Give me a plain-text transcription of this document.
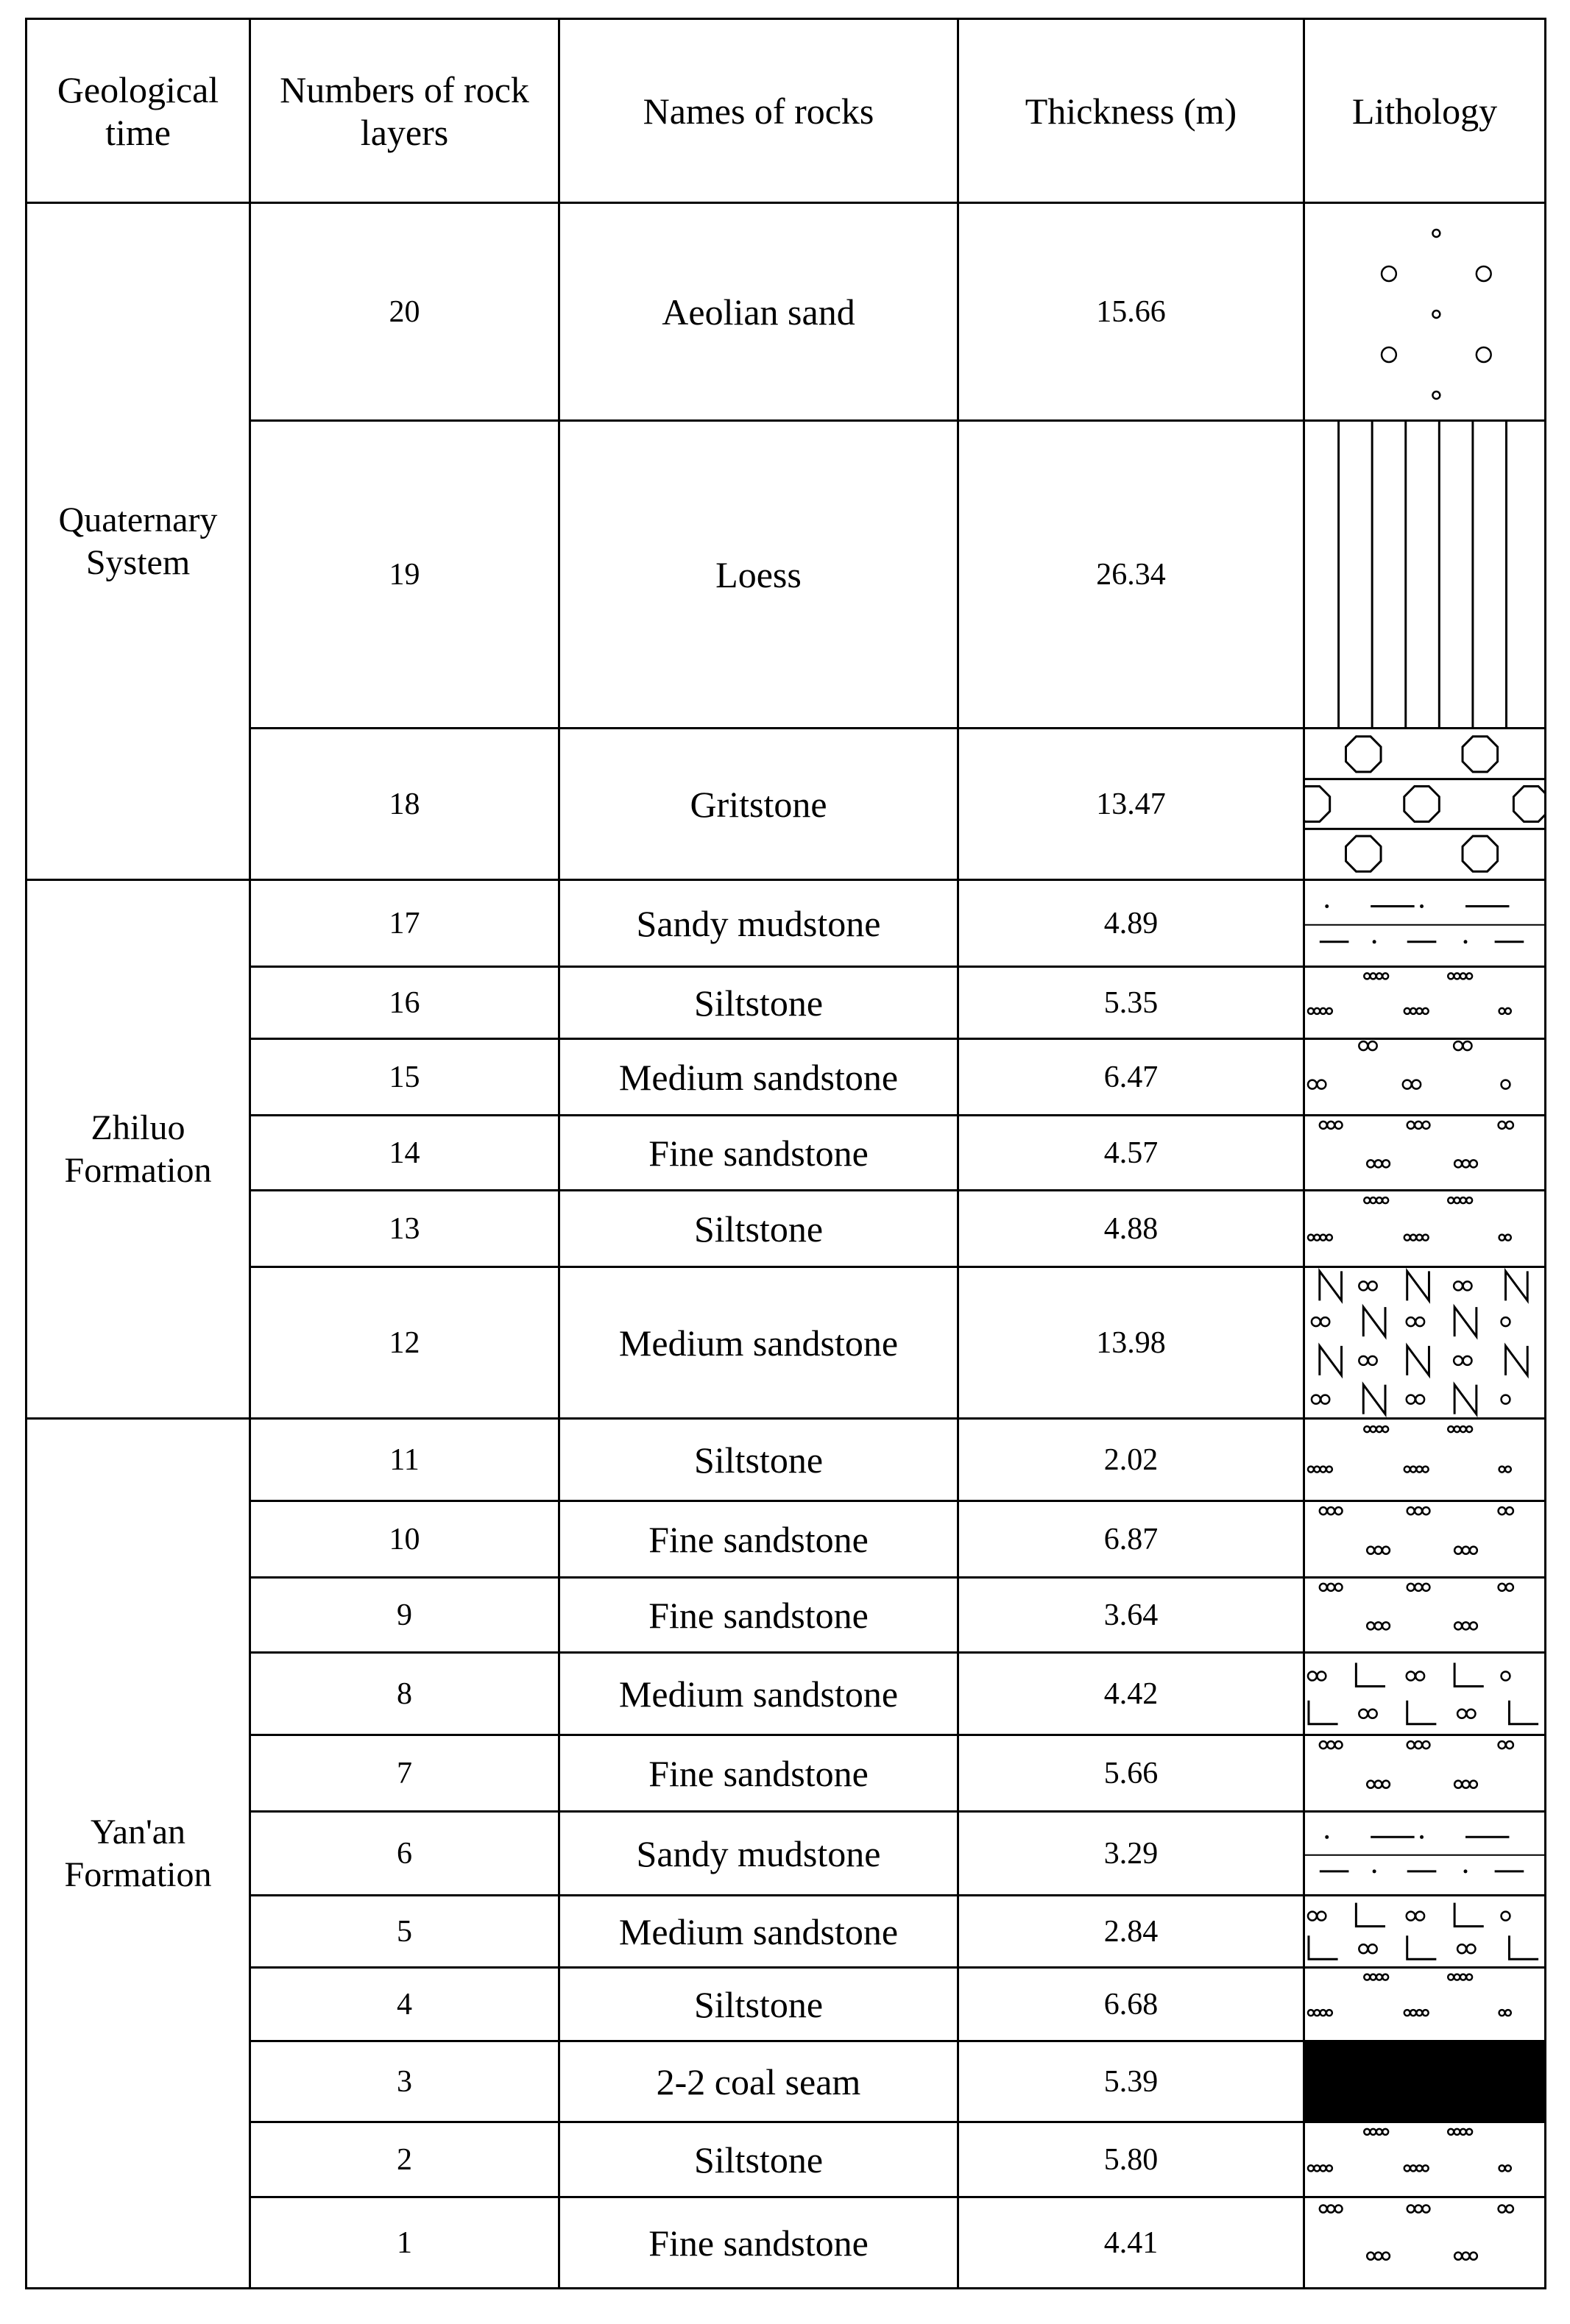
Geological time	Numbers of rock layers	Names of rocks	Thickness (m)	Lithology
Quaternary System	20	Aeolian sand	15.66	

	19	Loess	26.34	

	18	Gritstone	13.47	

Zhiluo Formation	17	Sandy mudstone	4.89	

	16	Siltstone	5.35	

	15	Medium sandstone	6.47	

	14	Fine sandstone	4.57	

	13	Siltstone	4.88	

	12	Medium sandstone	13.98	

Yan'an Formation	11	Siltstone	2.02	

	10	Fine sandstone	6.87	

	9	Fine sandstone	3.64	

	8	Medium sandstone	4.42	

	7	Fine sandstone	5.66	

	6	Sandy mudstone	3.29	

	5	Medium sandstone	2.84	

	4	Siltstone	6.68	

	3	2-2 coal seam	5.39	

	2	Siltstone	5.80	

	1	Fine sandstone	4.41	
